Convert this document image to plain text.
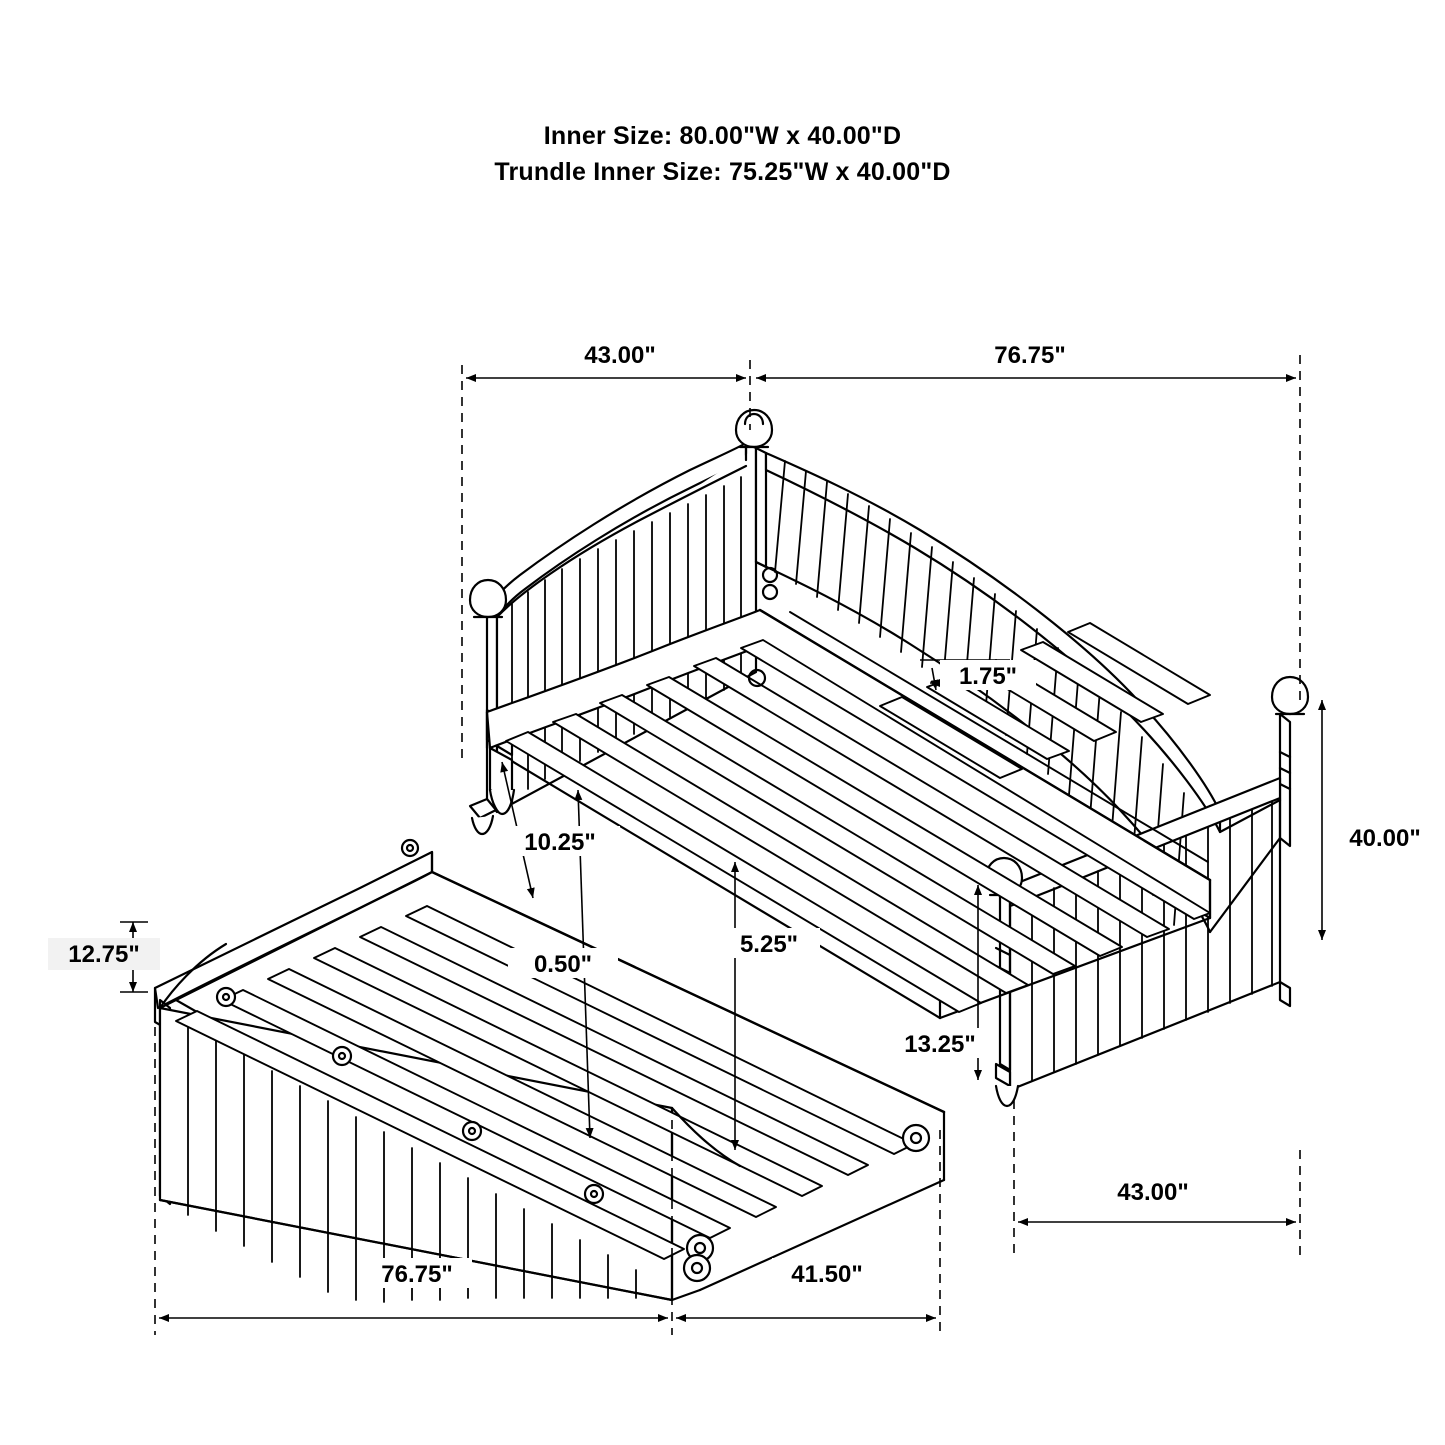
Inner Size: 80.00"W x 40.00"D
Trundle Inner Size: 75.25"W x 40.00"D
43.00"	76.75"
1.75"
40.00"
10.25"
0.50"
5.25"
13.25"
12.75"
43.00"
76.75"	41.50"
